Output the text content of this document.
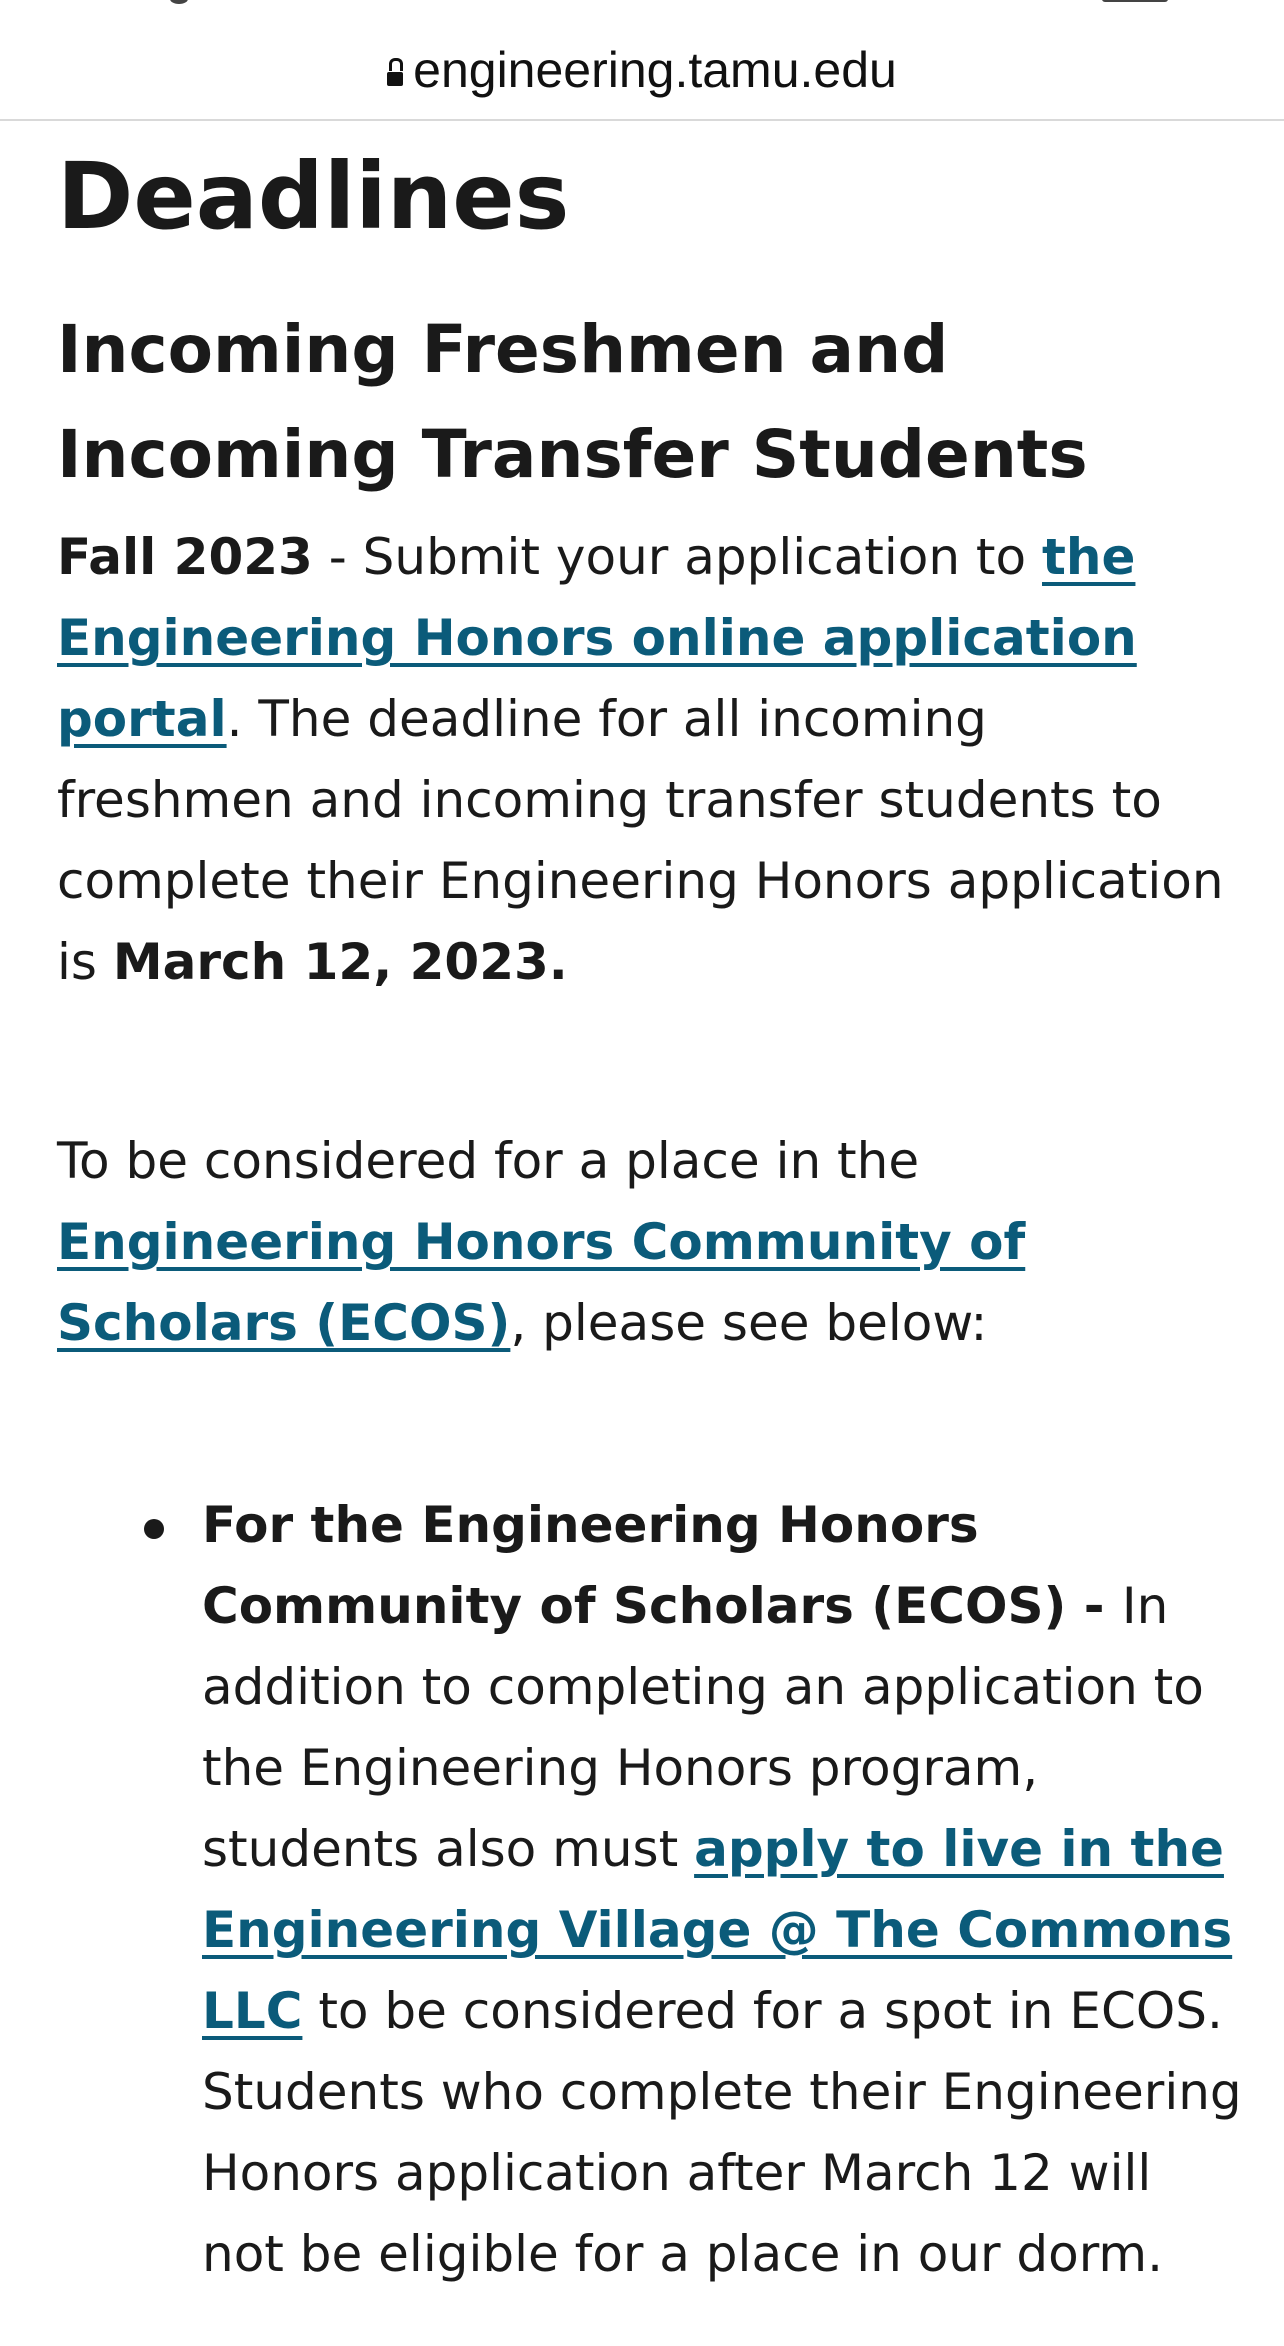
engineering.tamu.edu
Deadlines
Incoming Freshmen and Incoming Transfer Students

Fall 2023 - Submit your application to the Engineering Honors online application portal. The deadline for all incoming freshmen and incoming transfer students to complete their Engineering Honors application is March 12, 2023.

To be considered for a place in the Engineering Honors Community of Scholars (ECOS), please see below:

For the Engineering Honors Community of Scholars (ECOS) - In addition to completing an application to the Engineering Honors program, students also must apply to live in the Engineering Village @ The Commons LLC to be considered for a spot in ECOS. Students who complete their Engineering Honors application after March 12 will not be eligible for a place in our dorm.
